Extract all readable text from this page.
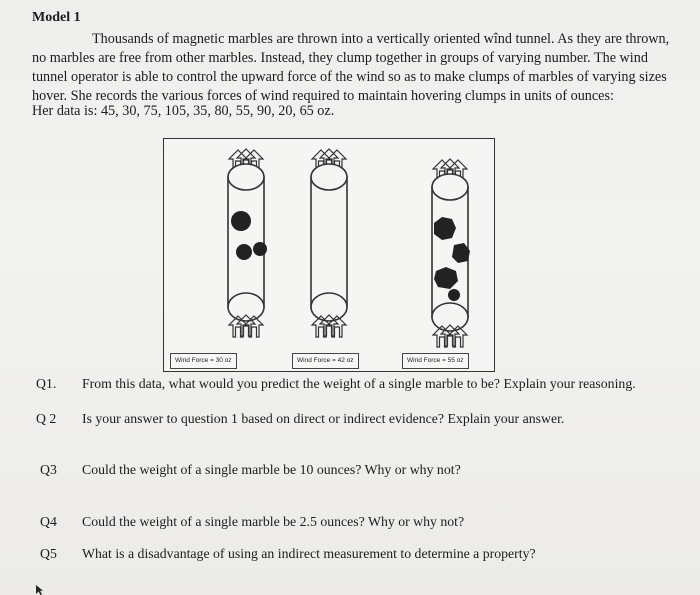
Model 1
Thousands of magnetic marbles are thrown into a vertically oriented wînd tunnel. As they are thrown, no marbles are free from other marbles. Instead, they clump together in groups of varying number. The wind tunnel operator is able to control the upward force of the wind so as to make clumps of marbles of varying sizes hover. She records the various forces of wind required to maintain hovering clumps in units of ounces:
Her data is: 45, 30, 75, 105, 35, 80, 55, 90, 20, 65 oz.
Wind Force = 30 oz	Wind Force = 42 oz	Wind Force = 55 oz
Q1. From this data, what would you predict the weight of a single marble to be? Explain your reasoning.
Q 2 Is your answer to question 1 based on direct or indirect evidence? Explain your answer.
Q3 Could the weight of a single marble be 10 ounces? Why or why not?
Q4 Could the weight of a single marble be 2.5 ounces? Why or why not?
Q5 What is a disadvantage of using an indirect measurement to determine a property?
